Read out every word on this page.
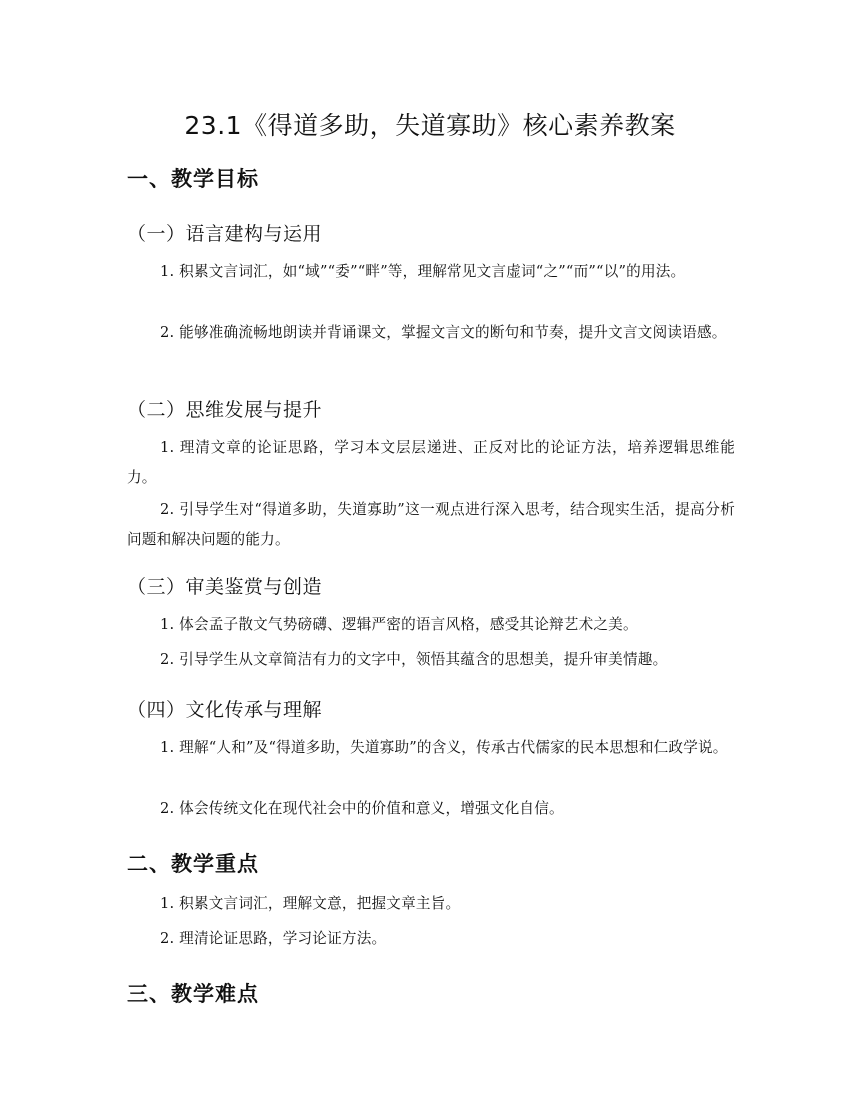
23.1《得道多助，失道寡助》核心素养教案
一、教学目标
（一）语言建构与运用
1. 积累文言词汇，如“域”“委”“畔”等，理解常见文言虚词“之”“而”“以”的用法。
2. 能够准确流畅地朗读并背诵课文，掌握文言文的断句和节奏，提升文言文阅读语感。
（二）思维发展与提升
1. 理清文章的论证思路，学习本文层层递进、正反对比的论证方法，培养逻辑思维能力。
2. 引导学生对“得道多助，失道寡助”这一观点进行深入思考，结合现实生活，提高分析问题和解决问题的能力。
（三）审美鉴赏与创造
1. 体会孟子散文气势磅礴、逻辑严密的语言风格，感受其论辩艺术之美。
2. 引导学生从文章简洁有力的文字中，领悟其蕴含的思想美，提升审美情趣。
（四）文化传承与理解
1. 理解“人和”及“得道多助，失道寡助”的含义，传承古代儒家的民本思想和仁政学说。
2. 体会传统文化在现代社会中的价值和意义，增强文化自信。
二、教学重点
1. 积累文言词汇，理解文意，把握文章主旨。
2. 理清论证思路，学习论证方法。
三、教学难点
